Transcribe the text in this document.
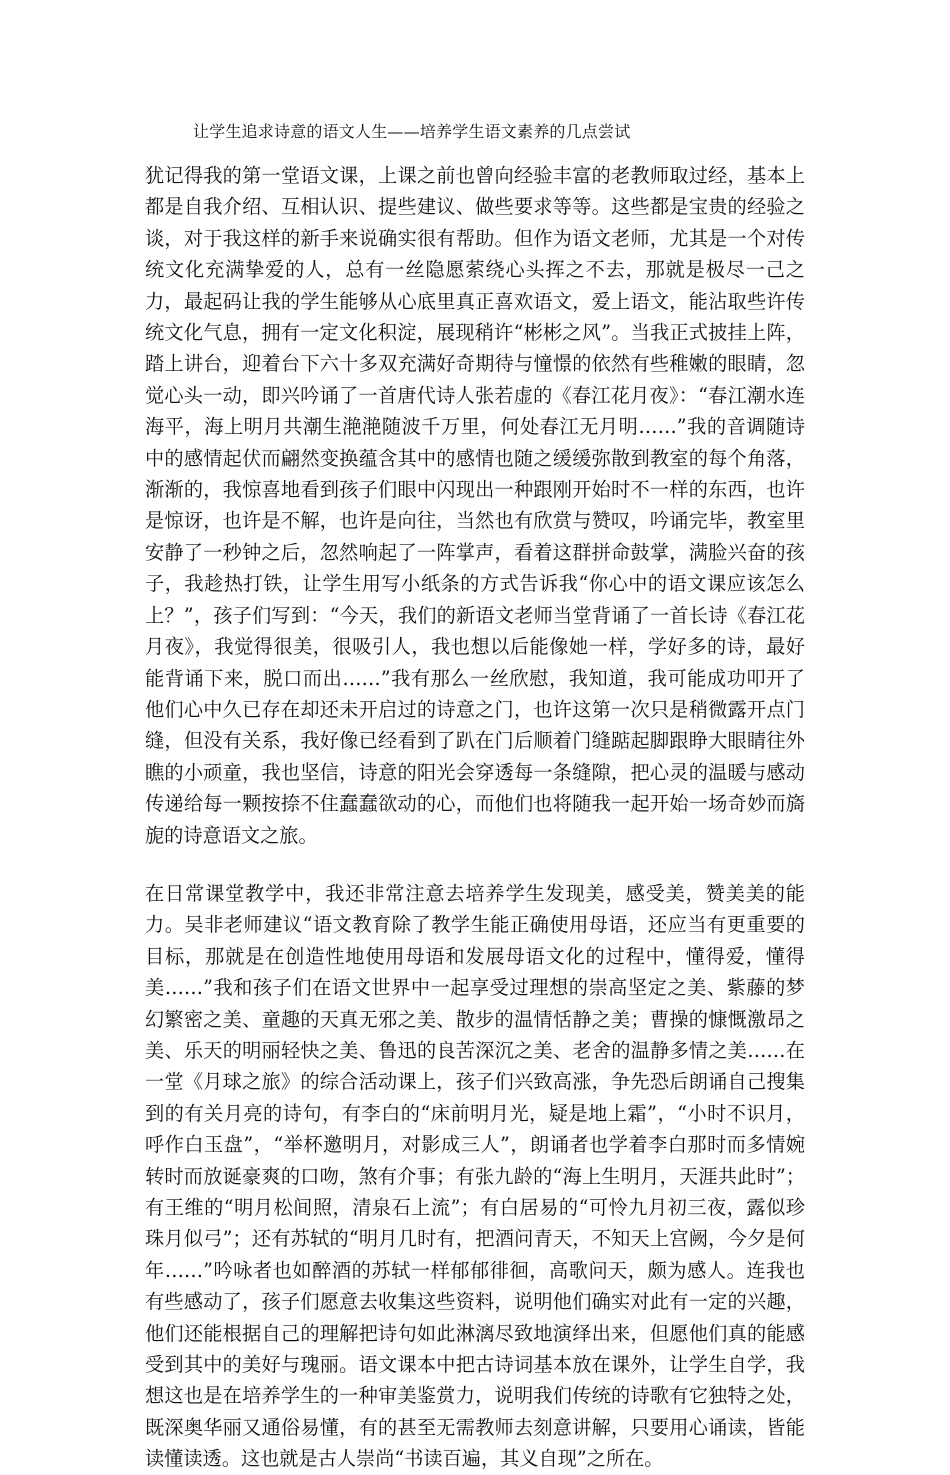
让学生追求诗意的语文人生——培养学生语文素养的几点尝试

犹记得我的第一堂语文课，上课之前也曾向经验丰富的老教师取过经，基本上都是自我介绍、互相认识、提些建议、做些要求等等。这些都是宝贵的经验之谈，对于我这样的新手来说确实很有帮助。但作为语文老师，尤其是一个对传统文化充满挚爱的人，总有一丝隐愿萦绕心头挥之不去，那就是极尽一己之力，最起码让我的学生能够从心底里真正喜欢语文，爱上语文，能沾取些许传统文化气息，拥有一定文化积淀，展现稍许“彬彬之风”。当我正式披挂上阵，踏上讲台，迎着台下六十多双充满好奇期待与憧憬的依然有些稚嫩的眼睛，忽觉心头一动，即兴吟诵了一首唐代诗人张若虚的《春江花月夜》：“春江潮水连海平，海上明月共潮生滟滟随波千万里，何处春江无月明……”我的音调随诗中的感情起伏而翩然变换蕴含其中的感情也随之缓缓弥散到教室的每个角落，渐渐的，我惊喜地看到孩子们眼中闪现出一种跟刚开始时不一样的东西，也许是惊讶，也许是不解，也许是向往，当然也有欣赏与赞叹，吟诵完毕，教室里安静了一秒钟之后，忽然响起了一阵掌声，看着这群拼命鼓掌，满脸兴奋的孩子，我趁热打铁，让学生用写小纸条的方式告诉我“你心中的语文课应该怎么上？”，孩子们写到：“今天，我们的新语文老师当堂背诵了一首长诗《春江花月夜》，我觉得很美，很吸引人，我也想以后能像她一样，学好多的诗，最好能背诵下来，脱口而出……”我有那么一丝欣慰，我知道，我可能成功叩开了他们心中久已存在却还未开启过的诗意之门，也许这第一次只是稍微露开点门缝，但没有关系，我好像已经看到了趴在门后顺着门缝踮起脚跟睁大眼睛往外瞧的小顽童，我也坚信，诗意的阳光会穿透每一条缝隙，把心灵的温暖与感动传递给每一颗按捺不住蠢蠢欲动的心，而他们也将随我一起开始一场奇妙而旖旎的诗意语文之旅。

在日常课堂教学中，我还非常注意去培养学生发现美，感受美，赞美美的能力。吴非老师建议“语文教育除了教学生能正确使用母语，还应当有更重要的目标，那就是在创造性地使用母语和发展母语文化的过程中，懂得爱，懂得美……”我和孩子们在语文世界中一起享受过理想的崇高坚定之美、紫藤的梦幻繁密之美、童趣的天真无邪之美、散步的温情恬静之美；曹操的慷慨激昂之美、乐天的明丽轻快之美、鲁迅的良苦深沉之美、老舍的温静多情之美……在一堂《月球之旅》的综合活动课上，孩子们兴致高涨，争先恐后朗诵自己搜集到的有关月亮的诗句，有李白的“床前明月光，疑是地上霜”，“小时不识月，呼作白玉盘”，“举杯邀明月，对影成三人”，朗诵者也学着李白那时而多情婉转时而放诞豪爽的口吻，煞有介事；有张九龄的“海上生明月，天涯共此时”；有王维的“明月松间照，清泉石上流”；有白居易的“可怜九月初三夜，露似珍珠月似弓”；还有苏轼的“明月几时有，把酒问青天，不知天上宫阙，今夕是何年……”吟咏者也如醉酒的苏轼一样郁郁徘徊，高歌问天，颇为感人。连我也有些感动了，孩子们愿意去收集这些资料，说明他们确实对此有一定的兴趣，他们还能根据自己的理解把诗句如此淋漓尽致地演绎出来，但愿他们真的能感受到其中的美好与瑰丽。语文课本中把古诗词基本放在课外，让学生自学，我想这也是在培养学生的一种审美鉴赏力，说明我们传统的诗歌有它独特之处，既深奥华丽又通俗易懂，有的甚至无需教师去刻意讲解，只要用心诵读，皆能读懂读透。这也就是古人崇尚“书读百遍，其义自现”之所在。
